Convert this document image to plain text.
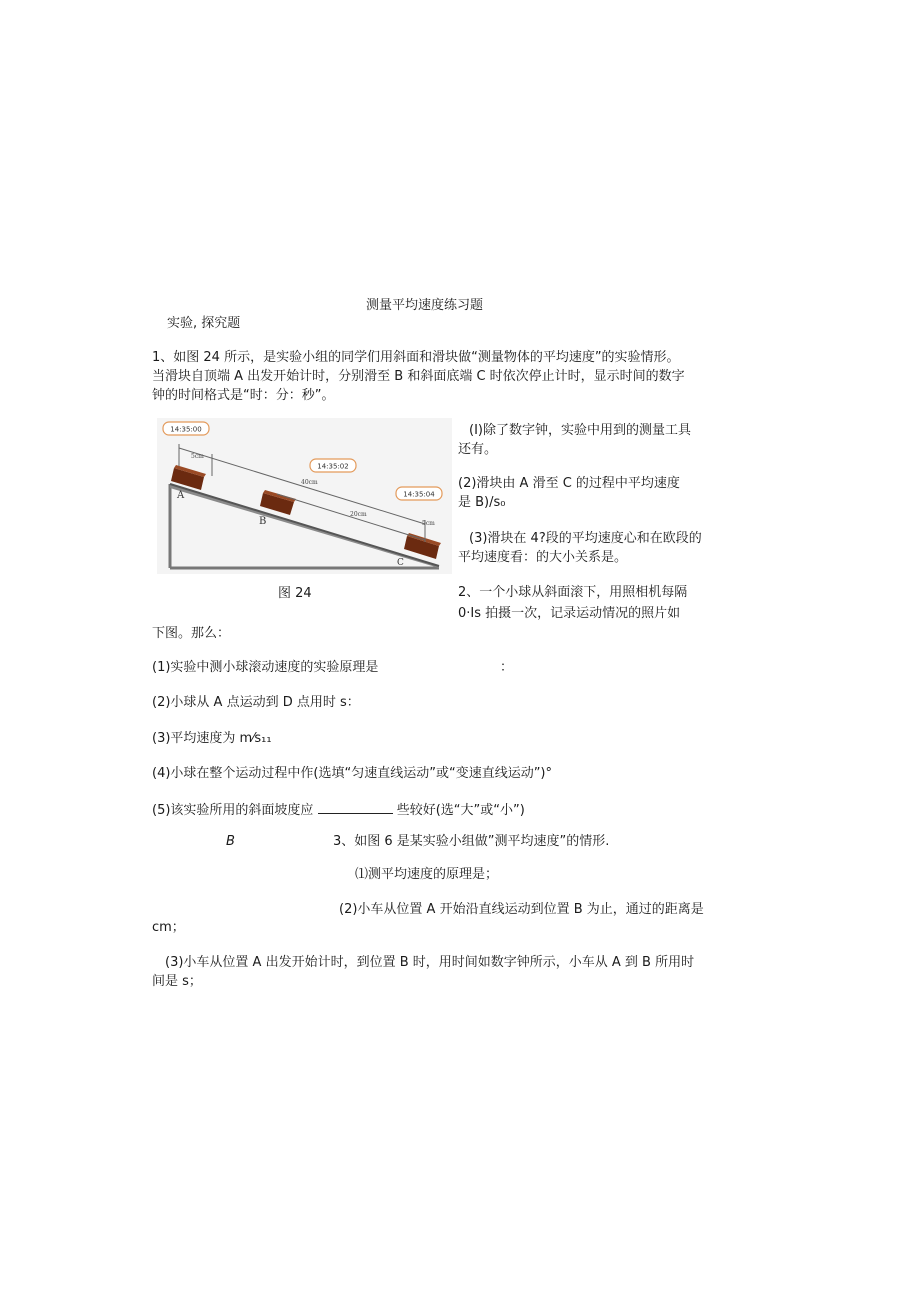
测量平均速度练习题
实验, 探究题
1、如图 24 所示，是实验小组的同学们用斜面和滑块做“测量物体的平均速度”的实验情形。
当滑块自顶端 A 出发开始计时，分别滑至 B 和斜面底端 C 时依次停止计时，显示时间的数字
钟的时间格式是“时：分：秒”。
14:35:00
14:35:02
14:35:04
5cm
40cm
20cm
5cm
A
B
C
图 24
(I)除了数字钟，实验中用到的测量工具
还有。
(2)滑块由 A 滑至 C 的过程中平均速度
是 B)/s₀
(3)滑块在 4?段的平均速度心和在欧段的
平均速度看：的大小关系是。
2、一个小球从斜面滚下，用照相机每隔
0·Is 拍摄一次，记录运动情况的照片如
下图。那么：
(1)实验中测小球滚动速度的实验原理是	：
(2)小球从 A 点运动到 D 点用时 s：
(3)平均速度为 m⁄s₁₁
(4)小球在整个运动过程中作(选填“匀速直线运动”或“变速直线运动”)°
(5)该实验所用的斜面坡度应	些较好(选“大”或“小”)
B	3、如图 6 是某实验小组做”测平均速度”的情形.
⑴测平均速度的原理是；
(2)小车从位置 A 开始沿直线运动到位置 B 为止，通过的距离是
cm；
(3)小车从位置 A 出发开始计时，到位置 B 时，用时间如数字钟所示，小车从 A 到 B 所用时
间是 s；
